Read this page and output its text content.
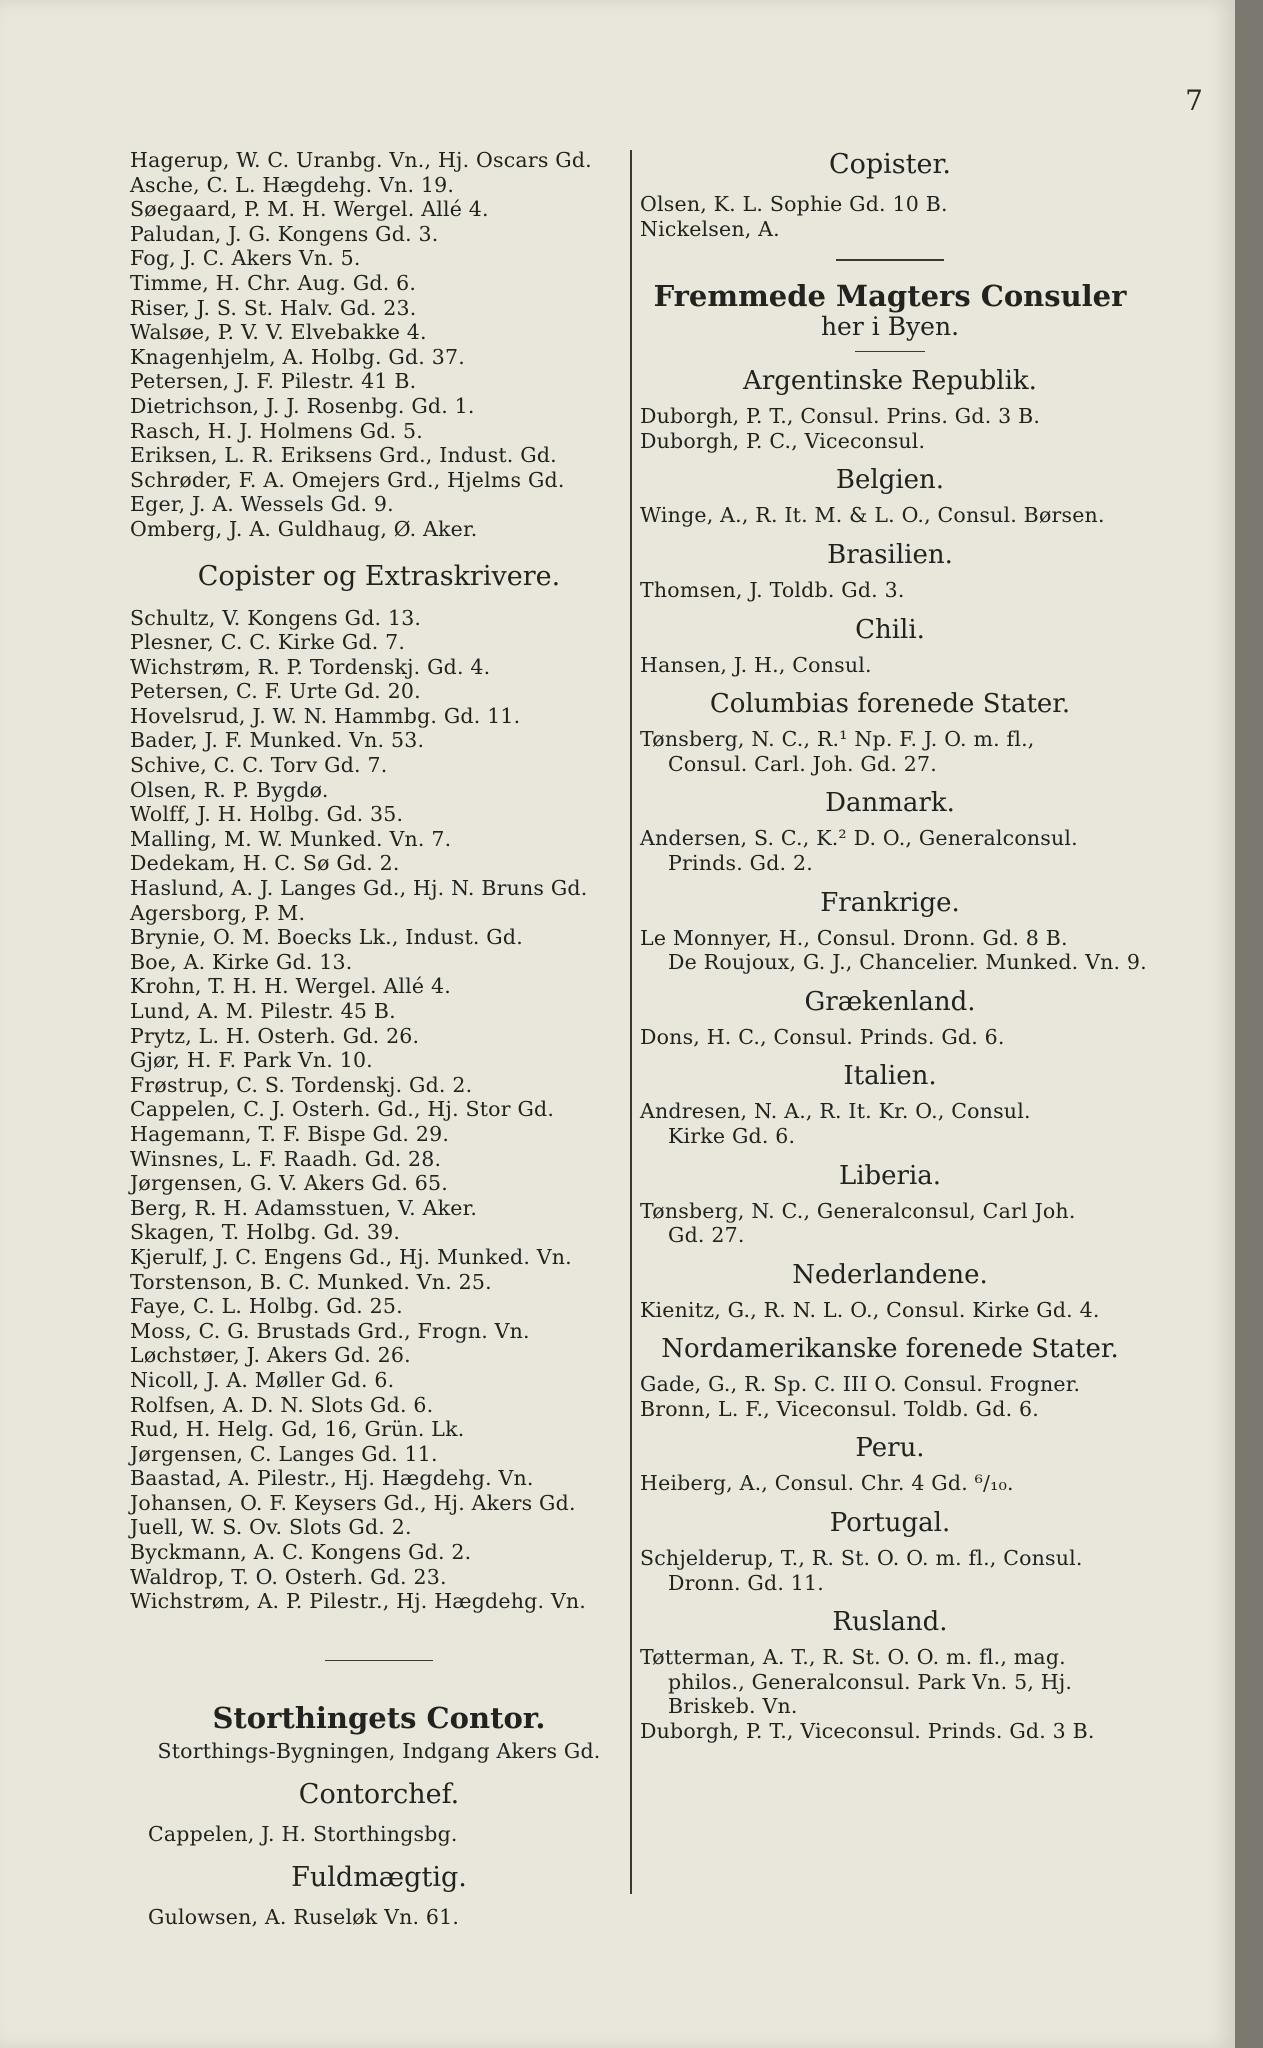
7
Hagerup, W. C. Uranbg. Vn., Hj. Oscars Gd.
Asche, C. L. Hægdehg. Vn. 19.
Søegaard, P. M. H. Wergel. Allé 4.
Paludan, J. G. Kongens Gd. 3.
Fog, J. C. Akers Vn. 5.
Timme, H. Chr. Aug. Gd. 6.
Riser, J. S. St. Halv. Gd. 23.
Walsøe, P. V. V. Elvebakke 4.
Knagenhjelm, A. Holbg. Gd. 37.
Petersen, J. F. Pilestr. 41 B.
Dietrichson, J. J. Rosenbg. Gd. 1.
Rasch, H. J. Holmens Gd. 5.
Eriksen, L. R. Eriksens Grd., Indust. Gd.
Schrøder, F. A. Omejers Grd., Hjelms Gd.
Eger, J. A. Wessels Gd. 9.
Omberg, J. A. Guldhaug, Ø. Aker.
Copister og Extraskrivere.
Schultz, V. Kongens Gd. 13.
Plesner, C. C. Kirke Gd. 7.
Wichstrøm, R. P. Tordenskj. Gd. 4.
Petersen, C. F. Urte Gd. 20.
Hovelsrud, J. W. N. Hammbg. Gd. 11.
Bader, J. F. Munked. Vn. 53.
Schive, C. C. Torv Gd. 7.
Olsen, R. P. Bygdø.
Wolff, J. H. Holbg. Gd. 35.
Malling, M. W. Munked. Vn. 7.
Dedekam, H. C. Sø Gd. 2.
Haslund, A. J. Langes Gd., Hj. N. Bruns Gd.
Agersborg, P. M.
Brynie, O. M. Boecks Lk., Indust. Gd.
Boe, A. Kirke Gd. 13.
Krohn, T. H. H. Wergel. Allé 4.
Lund, A. M. Pilestr. 45 B.
Prytz, L. H. Osterh. Gd. 26.
Gjør, H. F. Park Vn. 10.
Frøstrup, C. S. Tordenskj. Gd. 2.
Cappelen, C. J. Osterh. Gd., Hj. Stor Gd.
Hagemann, T. F. Bispe Gd. 29.
Winsnes, L. F. Raadh. Gd. 28.
Jørgensen, G. V. Akers Gd. 65.
Berg, R. H. Adamsstuen, V. Aker.
Skagen, T. Holbg. Gd. 39.
Kjerulf, J. C. Engens Gd., Hj. Munked. Vn.
Torstenson, B. C. Munked. Vn. 25.
Faye, C. L. Holbg. Gd. 25.
Moss, C. G. Brustads Grd., Frogn. Vn.
Løchstøer, J. Akers Gd. 26.
Nicoll, J. A. Møller Gd. 6.
Rolfsen, A. D. N. Slots Gd. 6.
Rud, H. Helg. Gd, 16, Grün. Lk.
Jørgensen, C. Langes Gd. 11.
Baastad, A. Pilestr., Hj. Hægdehg. Vn.
Johansen, O. F. Keysers Gd., Hj. Akers Gd.
Juell, W. S. Ov. Slots Gd. 2.
Byckmann, A. C. Kongens Gd. 2.
Waldrop, T. O. Osterh. Gd. 23.
Wichstrøm, A. P. Pilestr., Hj. Hægdehg. Vn.
Storthingets Contor.
Storthings-Bygningen, Indgang Akers Gd.
Contorchef.
Cappelen, J. H. Storthingsbg.
Fuldmægtig.
Gulowsen, A. Ruseløk Vn. 61.
Copister.
Olsen, K. L. Sophie Gd. 10 B.
Nickelsen, A.
Fremmede Magters Consuler
her i Byen.
Argentinske Republik.
Duborgh, P. T., Consul. Prins. Gd. 3 B.
Duborgh, P. C., Viceconsul.
Belgien.
Winge, A., R. It. M. & L. O., Consul. Børsen.
Brasilien.
Thomsen, J. Toldb. Gd. 3.
Chili.
Hansen, J. H., Consul.
Columbias forenede Stater.
Tønsberg, N. C., R.¹ Np. F. J. O. m. fl.,
Consul. Carl. Joh. Gd. 27.
Danmark.
Andersen, S. C., K.² D. O., Generalconsul.
Prinds. Gd. 2.
Frankrige.
Le Monnyer, H., Consul. Dronn. Gd. 8 B.
De Roujoux, G. J., Chancelier. Munked. Vn. 9.
Grækenland.
Dons, H. C., Consul. Prinds. Gd. 6.
Italien.
Andresen, N. A., R. It. Kr. O., Consul.
Kirke Gd. 6.
Liberia.
Tønsberg, N. C., Generalconsul, Carl Joh.
Gd. 27.
Nederlandene.
Kienitz, G., R. N. L. O., Consul. Kirke Gd. 4.
Nordamerikanske forenede Stater.
Gade, G., R. Sp. C. III O. Consul. Frogner.
Bronn, L. F., Viceconsul. Toldb. Gd. 6.
Peru.
Heiberg, A., Consul. Chr. 4 Gd. ⁶/₁₀.
Portugal.
Schjelderup, T., R. St. O. O. m. fl., Consul.
Dronn. Gd. 11.
Rusland.
Tøtterman, A. T., R. St. O. O. m. fl., mag.
philos., Generalconsul. Park Vn. 5, Hj.
Briskeb. Vn.
Duborgh, P. T., Viceconsul. Prinds. Gd. 3 B.
